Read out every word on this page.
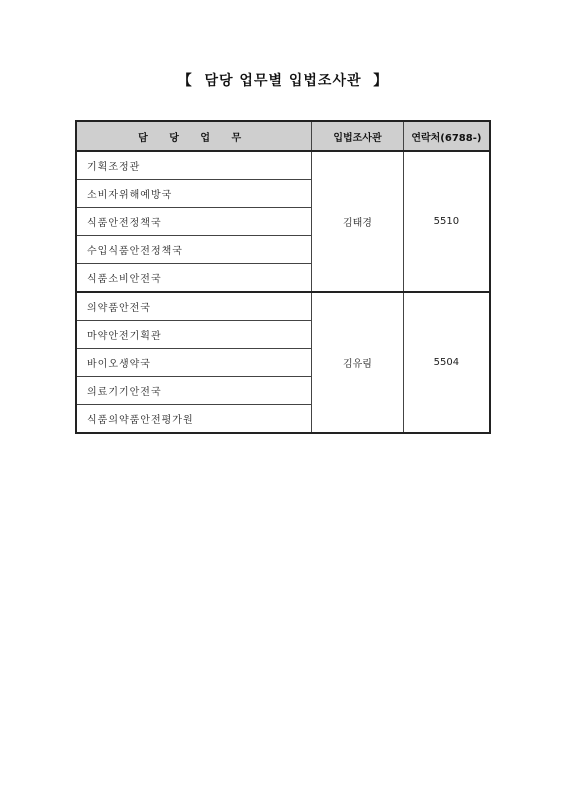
【 담당 업무별 입법조사관 】
담 당 업 무	입법조사관	연락처(6788-)
기획조정관	김태경	5510
소비자위해예방국		
식품안전정책국		
수입식품안전정책국		
식품소비안전국		
의약품안전국	김유림	5504
마약안전기획관		
바이오생약국		
의료기기안전국		
식품의약품안전평가원		
